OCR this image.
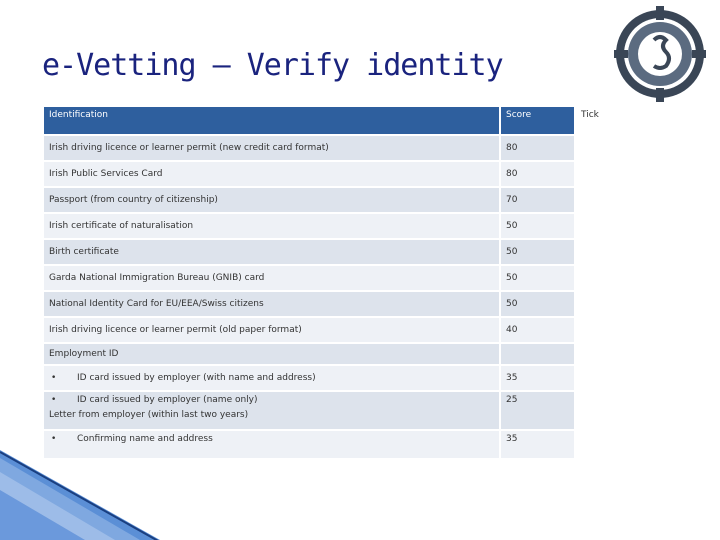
e-Vetting – Verify identity
Identification	Score	Tick
Irish driving licence or learner permit (new credit card format)	80	
Irish Public Services Card	80	
Passport (from country of citizenship)	70	
Irish certificate of naturalisation	50	
Birth certificate	50	
Garda National Immigration Bureau (GNIB) card	50	
National Identity Card for EU/EEA/Swiss citizens	50	
Irish driving licence or learner permit (old paper format)	40	
Employment ID		
• ID card issued by employer (with name and address)	35	
• ID card issued by employer (name only)
Letter from employer (within last two years)	25	
• Confirming name and address	35	
